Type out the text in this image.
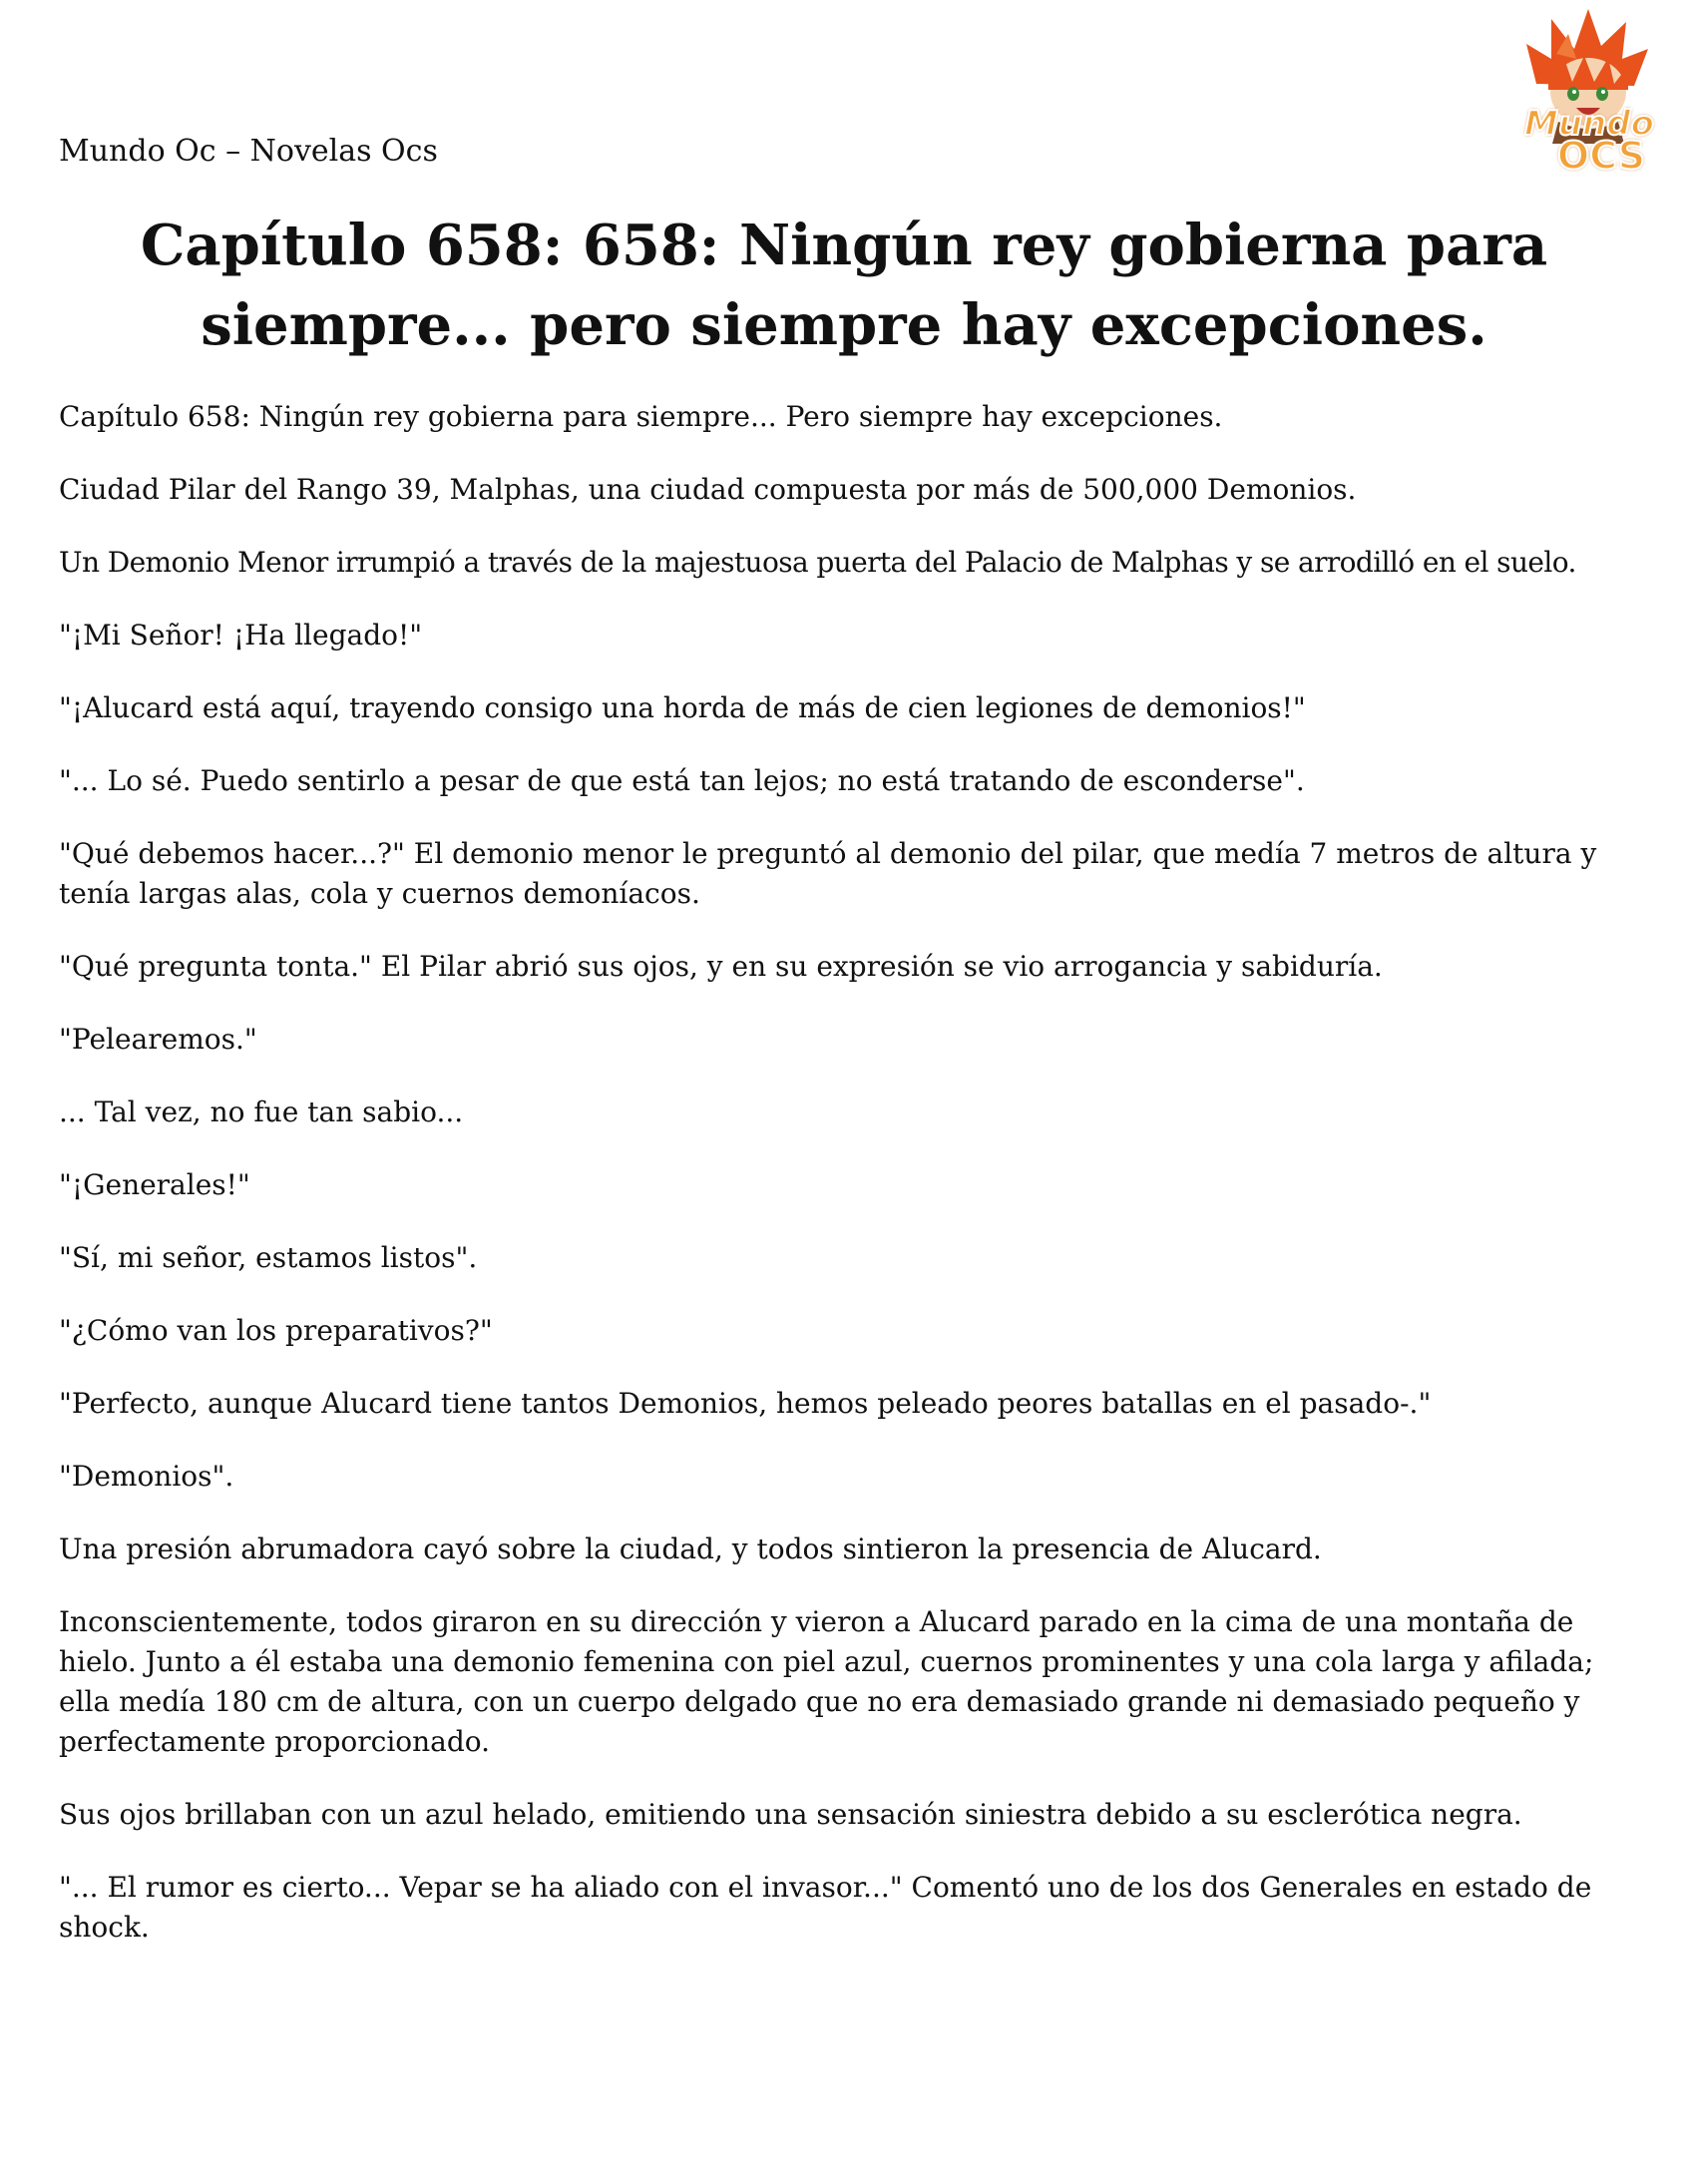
Mundo Oc – Novelas Ocs
Mundo
OCS
Capítulo 658: 658: Ningún rey gobierna para
siempre... pero siempre hay excepciones.

Capítulo 658: Ningún rey gobierna para siempre... Pero siempre hay excepciones.

Ciudad Pilar del Rango 39, Malphas, una ciudad compuesta por más de 500,000 Demonios.

Un Demonio Menor irrumpió a través de la majestuosa puerta del Palacio de Malphas y se arrodilló en el suelo.

"¡Mi Señor! ¡Ha llegado!"

"¡Alucard está aquí, trayendo consigo una horda de más de cien legiones de demonios!"

"... Lo sé. Puedo sentirlo a pesar de que está tan lejos; no está tratando de esconderse".

"Qué debemos hacer...?" El demonio menor le preguntó al demonio del pilar, que medía 7 metros de altura y tenía largas alas, cola y cuernos demoníacos.

"Qué pregunta tonta." El Pilar abrió sus ojos, y en su expresión se vio arrogancia y sabiduría.

"Pelearemos."

... Tal vez, no fue tan sabio...

"¡Generales!"

"Sí, mi señor, estamos listos".

"¿Cómo van los preparativos?"

"Perfecto, aunque Alucard tiene tantos Demonios, hemos peleado peores batallas en el pasado-."

"Demonios".

Una presión abrumadora cayó sobre la ciudad, y todos sintieron la presencia de Alucard.

Inconscientemente, todos giraron en su dirección y vieron a Alucard parado en la cima de una montaña de hielo. Junto a él estaba una demonio femenina con piel azul, cuernos prominentes y una cola larga y afilada; ella medía 180 cm de altura, con un cuerpo delgado que no era demasiado grande ni demasiado pequeño y perfectamente proporcionado.

Sus ojos brillaban con un azul helado, emitiendo una sensación siniestra debido a su esclerótica negra.

"... El rumor es cierto... Vepar se ha aliado con el invasor..." Comentó uno de los dos Generales en estado de shock.
